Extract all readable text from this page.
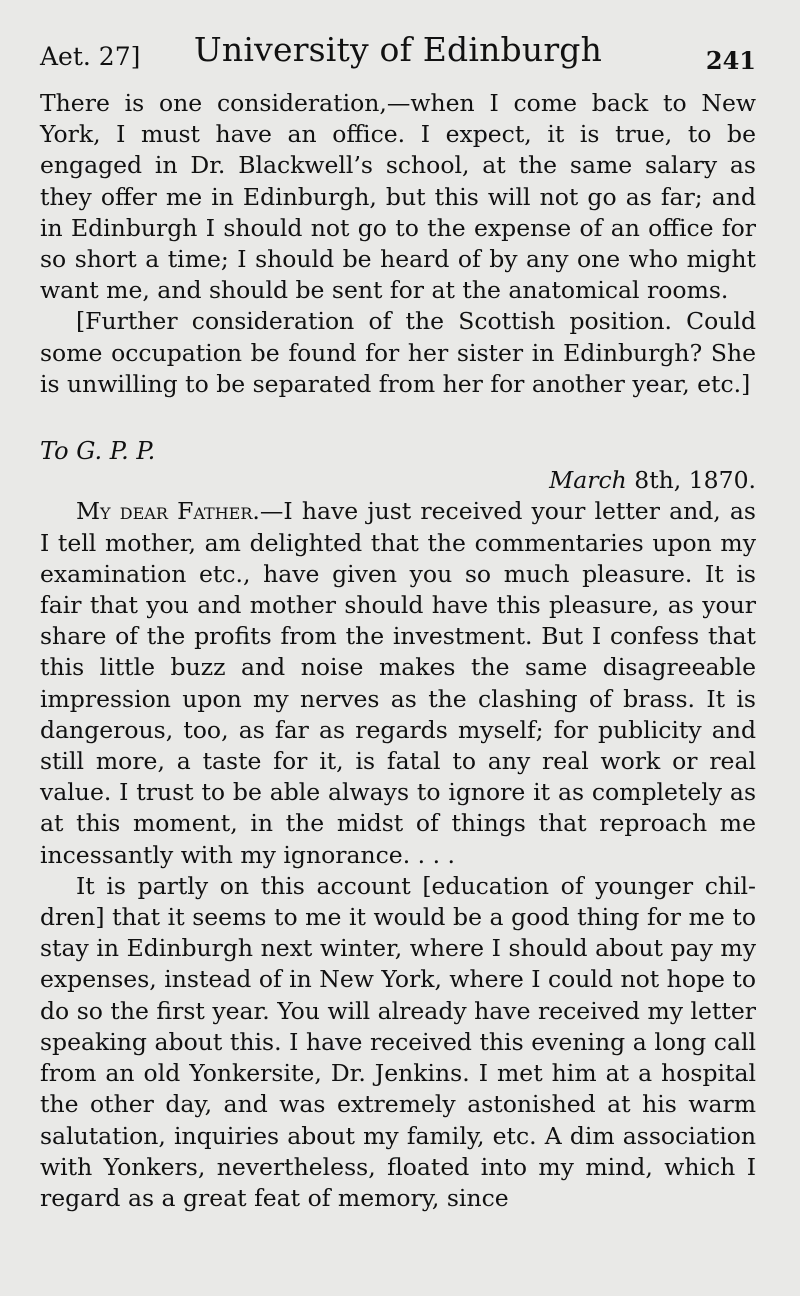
Aet. 27]	University of Edinburgh	241

There is one consideration,—when I come back to New York, I must have an office. I expect, it is true, to be engaged in Dr. Blackwell’s school, at the same salary as they offer me in Edinburgh, but this will not go as far; and in Edinburgh I should not go to the expense of an office for so short a time; I should be heard of by any one who might want me, and should be sent for at the anatomical rooms.

[Further consideration of the Scottish position. Could some occupation be found for her sister in Edinburgh? She is unwilling to be separated from her for another year, etc.]

To G. P. P.

March 8th, 1870.

My dear Father.—I have just received your letter and, as I tell mother, am delighted that the commentaries upon my examination etc., have given you so much pleasure. It is fair that you and mother should have this pleasure, as your share of the profits from the investment. But I confess that this little buzz and noise makes the same disagreeable impression upon my nerves as the clashing of brass. It is dangerous, too, as far as regards myself; for publicity and still more, a taste for it, is fatal to any real work or real value. I trust to be able always to ignore it as completely as at this moment, in the midst of things that reproach me incessantly with my ignorance. . . .

It is partly on this account [education of younger children] that it seems to me it would be a good thing for me to stay in Edinburgh next winter, where I should about pay my expenses, instead of in New York, where I could not hope to do so the first year. You will already have received my letter speaking about this. I have received this evening a long call from an old Yonkersite, Dr. Jenkins. I met him at a hospital the other day, and was extremely astonished at his warm salutation, inquiries about my family, etc. A dim association with Yonkers, nevertheless, floated into my mind, which I regard as a great feat of memory, since
